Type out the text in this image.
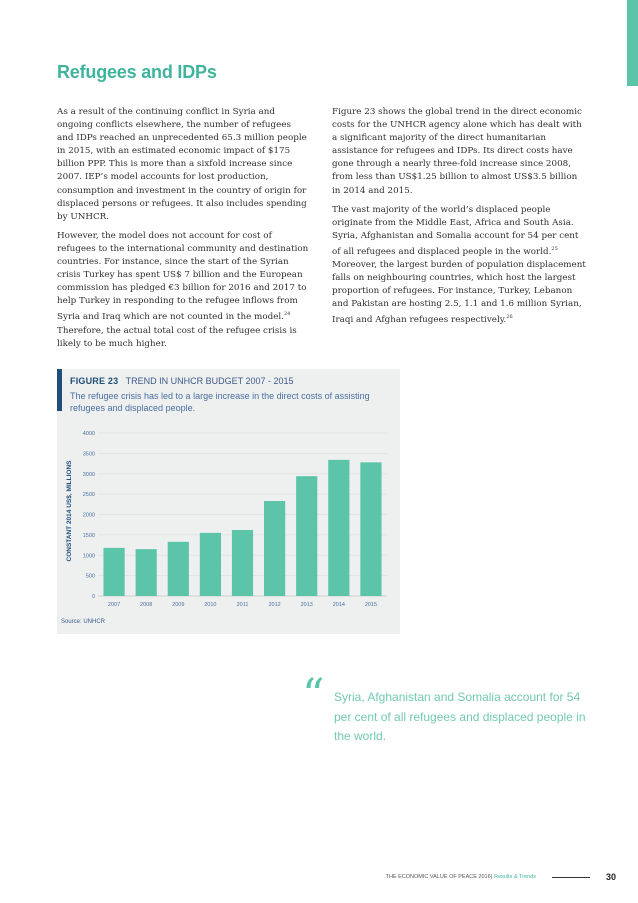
Refugees and IDPs

As a result of the continuing conflict in Syria and ongoing conflicts elsewhere, the number of refugees and IDPs reached an unprecedented 65.3 million people in 2015, with an estimated economic impact of $175 billion PPP. This is more than a sixfold increase since 2007. IEP’s model accounts for lost production, consumption and investment in the country of origin for displaced persons or refugees. It also includes spending by UNHCR.

However, the model does not account for cost of refugees to the international community and destination countries. For instance, since the start of the Syrian crisis Turkey has spent US$ 7 billion and the European commission has pledged €3 billion for 2016 and 2017 to help Turkey in responding to the refugee inflows from Syria and Iraq which are not counted in the model.$^{24}$ Therefore, the actual total cost of the refugee crisis is likely to be much higher.

Figure 23 shows the global trend in the direct economic costs for the UNHCR agency alone which has dealt with a significant majority of the direct humanitarian assistance for refugees and IDPs. Its direct costs have gone through a nearly three-fold increase since 2008, from less than US$1.25 billion to almost US$3.5 billion in 2014 and 2015.

The vast majority of the world’s displaced people originate from the Middle East, Africa and South Asia. Syria, Afghanistan and Somalia account for 54 per cent of all refugees and displaced people in the world.$^{25}$ Moreover, the largest burden of population displacement falls on neighbouring countries, which host the largest proportion of refugees. For instance, Turkey, Lebanon and Pakistan are hosting 2.5, 1.1 and 1.6 million Syrian, Iraqi and Afghan refugees respectively.$^{26}$

FIGURE 23 TREND IN UNHCR BUDGET 2007 - 2015
The refugee crisis has led to a large increase in the direct costs of assisting refugees and displaced people.
0
500
1000
1500
2000
2500
3000
3500
4000
2007	2008	2009	2010	2011	2012	2013	2014	2015
CONSTANT 2014 US$, MILLIONS
Source: UNHCR
“ Syria, Afghanistan and Somalia account for 54 per cent of all refugees and displaced people in the world.
THE ECONOMIC VALUE OF PEACE 2016 | Results & Trends	30
